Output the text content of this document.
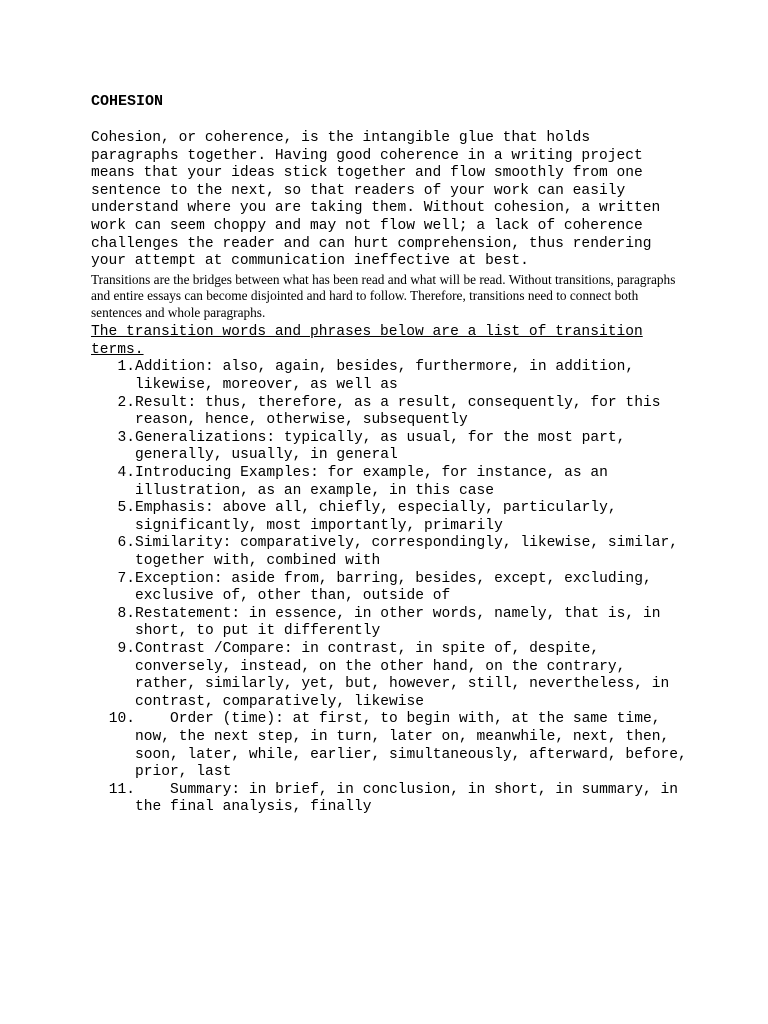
COHESION

Cohesion, or coherence, is the intangible glue that holds paragraphs together. Having good coherence in a writing project means that your ideas stick together and flow smoothly from one sentence to the next, so that readers of your work can easily understand where you are taking them. Without cohesion, a written work can seem choppy and may not flow well; a lack of coherence challenges the reader and can hurt comprehension, thus rendering your attempt at communication ineffective at best.

Transitions are the bridges between what has been read and what will be read. Without transitions, paragraphs and entire essays can become disjointed and hard to follow. Therefore, transitions need to connect both sentences and whole paragraphs.

The transition words and phrases below are a list of transition terms.

1. Addition: also, again, besides, furthermore, in addition, likewise, moreover, as well as
2. Result: thus, therefore, as a result, consequently, for this reason, hence, otherwise, subsequently
3. Generalizations: typically, as usual, for the most part, generally, usually, in general
4. Introducing Examples: for example, for instance, as an illustration, as an example, in this case
5. Emphasis: above all, chiefly, especially, particularly, significantly, most importantly, primarily
6. Similarity: comparatively, correspondingly, likewise, similar, together with, combined with
7. Exception: aside from, barring, besides, except, excluding, exclusive of, other than, outside of
8. Restatement: in essence, in other words, namely, that is, in short, to put it differently
9. Contrast /Compare: in contrast, in spite of, despite, conversely, instead, on the other hand, on the contrary, rather, similarly, yet, but, however, still, nevertheless, in contrast, comparatively, likewise
10.	Order (time): at first, to begin with, at the same time, now, the next step, in turn, later on, meanwhile, next, then, soon, later, while, earlier, simultaneously, afterward, before, prior, last
11.	Summary: in brief, in conclusion, in short, in summary, in the final analysis, finally
